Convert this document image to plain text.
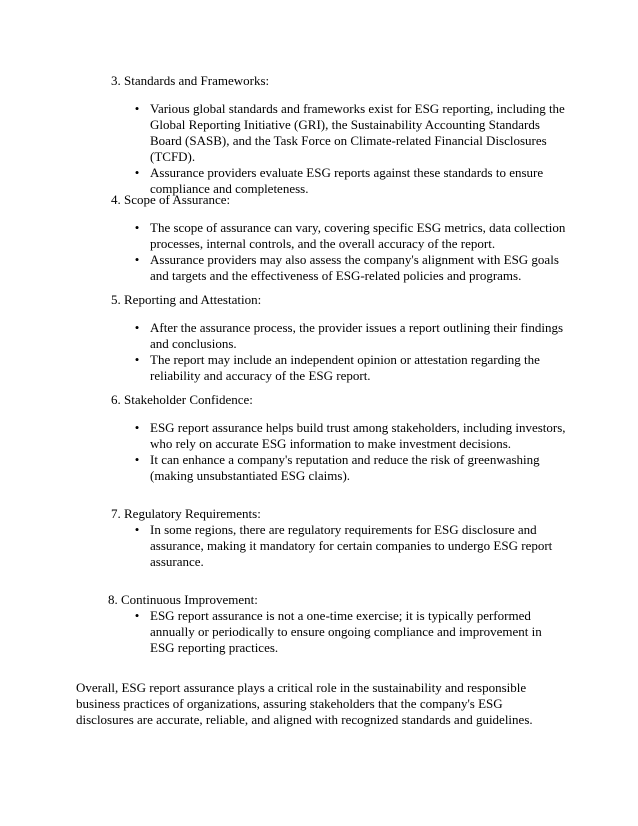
3. Standards and Frameworks:
• Various global standards and frameworks exist for ESG reporting, including the Global Reporting Initiative (GRI), the Sustainability Accounting Standards Board (SASB), and the Task Force on Climate-related Financial Disclosures (TCFD).
• Assurance providers evaluate ESG reports against these standards to ensure compliance and completeness.
4. Scope of Assurance:
• The scope of assurance can vary, covering specific ESG metrics, data collection processes, internal controls, and the overall accuracy of the report.
• Assurance providers may also assess the company's alignment with ESG goals and targets and the effectiveness of ESG-related policies and programs.
5. Reporting and Attestation:
• After the assurance process, the provider issues a report outlining their findings and conclusions.
• The report may include an independent opinion or attestation regarding the reliability and accuracy of the ESG report.
6. Stakeholder Confidence:
• ESG report assurance helps build trust among stakeholders, including investors, who rely on accurate ESG information to make investment decisions.
• It can enhance a company's reputation and reduce the risk of greenwashing (making unsubstantiated ESG claims).
7. Regulatory Requirements:
• In some regions, there are regulatory requirements for ESG disclosure and assurance, making it mandatory for certain companies to undergo ESG report assurance.
8. Continuous Improvement:
• ESG report assurance is not a one-time exercise; it is typically performed annually or periodically to ensure ongoing compliance and improvement in ESG reporting practices.

Overall, ESG report assurance plays a critical role in the sustainability and responsible business practices of organizations, assuring stakeholders that the company's ESG disclosures are accurate, reliable, and aligned with recognized standards and guidelines.
